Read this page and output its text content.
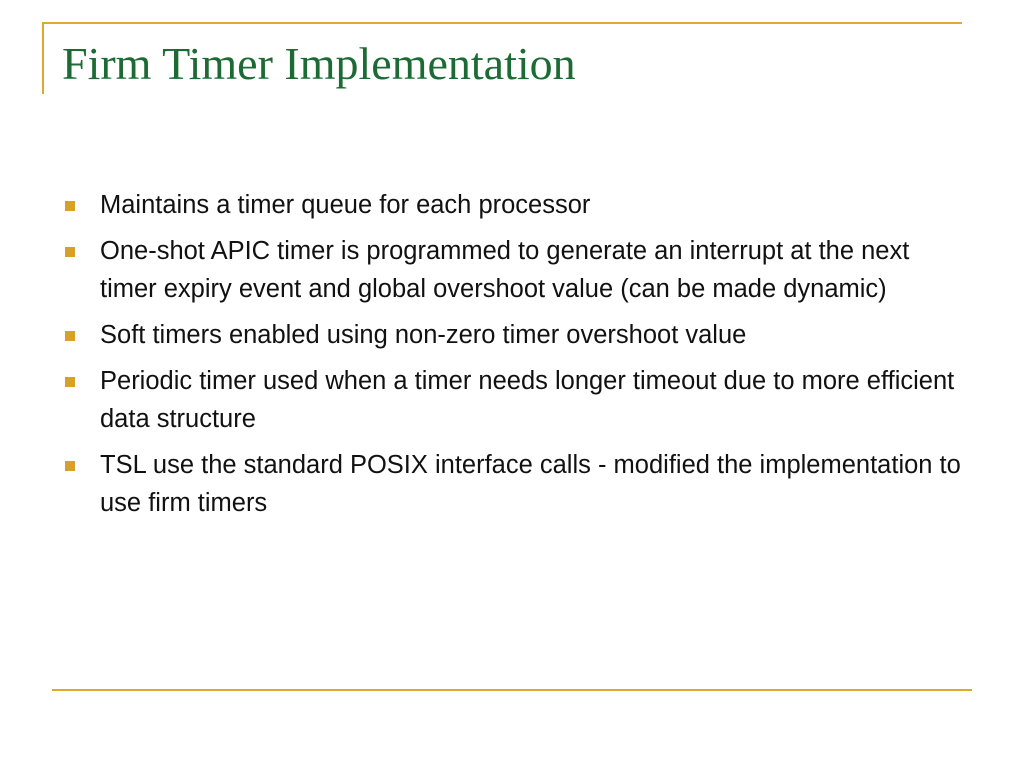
Firm Timer Implementation
Maintains a timer queue for each processor
One-shot APIC timer is programmed to generate an interrupt at the next timer expiry event and global overshoot value (can be made dynamic)
Soft timers enabled using non-zero timer overshoot value
Periodic timer used when a timer needs longer timeout due to more efficient data structure
TSL use the standard POSIX interface calls - modified the implementation to use firm timers
